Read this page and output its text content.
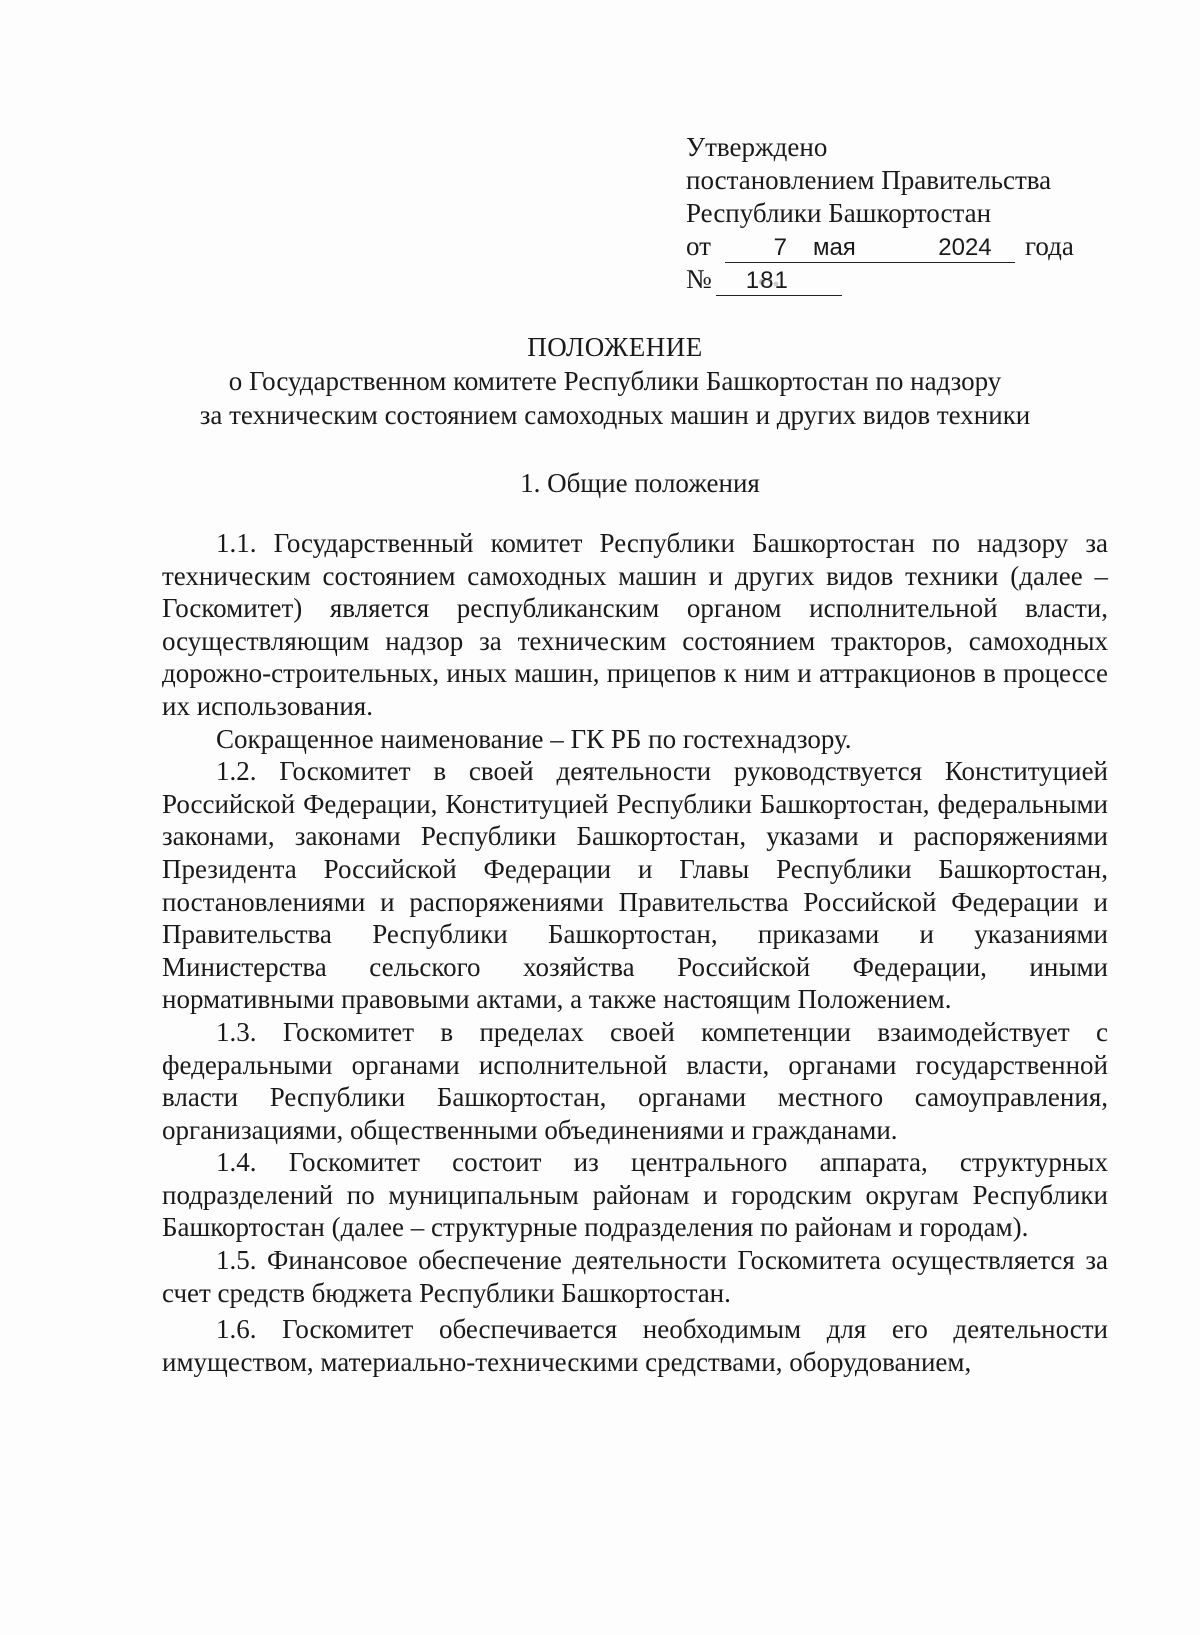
Утверждено
постановлением Правительства
Республики Башкортостан
от	7 мая	2024 года
№ 181
ПОЛОЖЕНИЕ
о Государственном комитете Республики Башкортостан по надзору
за техническим состоянием самоходных машин и других видов техники
1. Общие положения

1.1. Государственный комитет Республики Башкортостан по надзору за техническим состоянием самоходных машин и других видов техники (далее – Госкомитет) является республиканским органом исполнительной власти, осуществляющим надзор за техническим состоянием тракторов, самоходных дорожно-строительных, иных машин, прицепов к ним и аттракционов в процессе их использования.

Сокращенное наименование – ГК РБ по гостехнадзору.

1.2. Госкомитет в своей деятельности руководствуется Конституцией Российской Федерации, Конституцией Республики Башкортостан, федеральными законами, законами Республики Башкортостан, указами и распоряжениями Президента Российской Федерации и Главы Республики Башкортостан, постановлениями и распоряжениями Правительства Российской Федерации и Правительства Республики Башкортостан, приказами и указаниями Министерства сельского хозяйства Российской Федерации, иными нормативными правовыми актами, а также настоящим Положением.

1.3. Госкомитет в пределах своей компетенции взаимодействует с федеральными органами исполнительной власти, органами государственной власти Республики Башкортостан, органами местного самоуправления, организациями, общественными объединениями и гражданами.

1.4. Госкомитет состоит из центрального аппарата, структурных подразделений по муниципальным районам и городским округам Республики Башкортостан (далее – структурные подразделения по районам и городам).

1.5. Финансовое обеспечение деятельности Госкомитета осуществляется за счет средств бюджета Республики Башкортостан.

1.6. Госкомитет обеспечивается необходимым для его деятельности имуществом, материально-техническими средствами, оборудованием,
